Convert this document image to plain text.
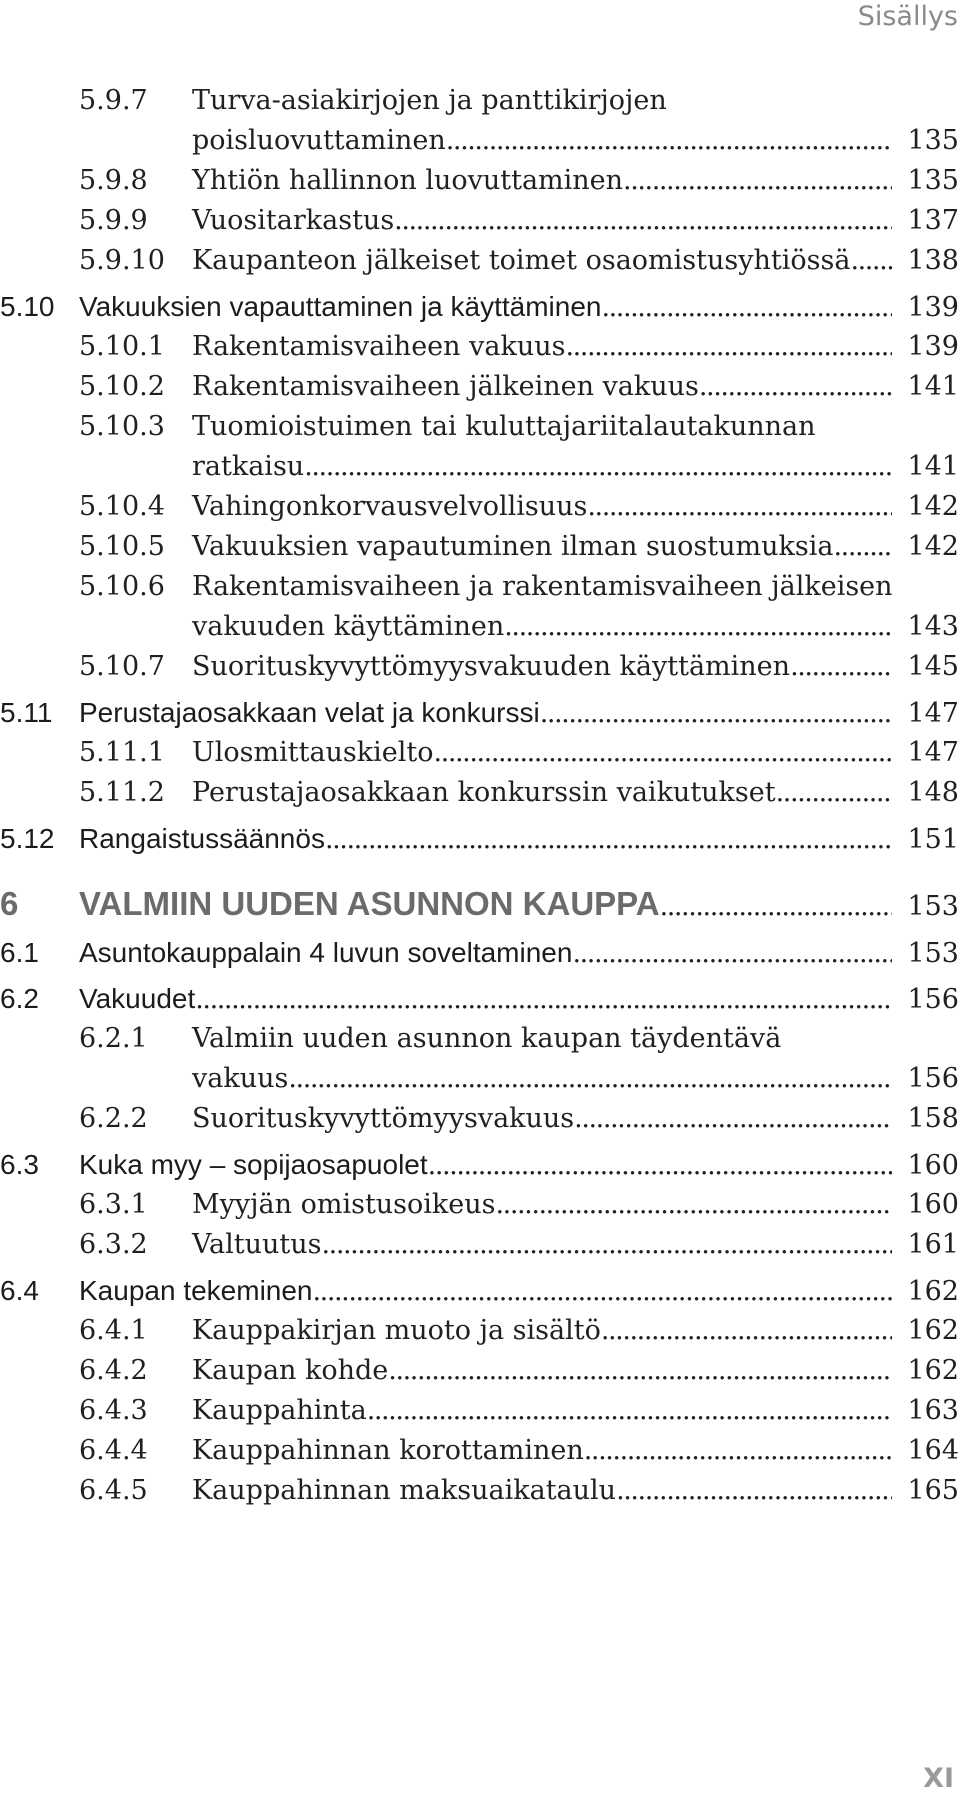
Sisällys
5.9.7	Turva-asiakirjojen ja panttikirjojen
poisluovuttaminen . . .	135
5.9.8	Yhtiön hallinnon luovuttaminen . . .	135
5.9.9	Vuositarkastus . . .	137
5.9.10	Kaupanteon jälkeiset toimet osaomistusyhtiössä . . . 138
5.10 Vakuuksien vapauttaminen ja käyttäminen . . .	139
5.10.1	Rakentamisvaiheen vakuus . . .	139
5.10.2	Rakentamisvaiheen jälkeinen vakuus . . .	141
5.10.3	Tuomioistuimen tai kuluttajariitalautakunnan
ratkaisu . . .	141
5.10.4	Vahingonkorvausvelvollisuus . . .	142
5.10.5	Vakuuksien vapautuminen ilman suostumuksia . . .	142
5.10.6	Rakentamisvaiheen ja rakentamisvaiheen jälkeisen
vakuuden käyttäminen . . .	143
5.10.7	Suorituskyvyttömyysvakuuden käyttäminen . . .	145
5.11 Perustajaosakkaan velat ja konkurssi . . .	147
5.11.1	Ulosmittauskielto . . .	147
5.11.2	Perustajaosakkaan konkurssin vaikutukset . . .	148
5.12 Rangaistussäännös . . .	151
6	VALMIIN UUDEN ASUNNON KAUPPA . . .	153
6.1	Asuntokauppalain 4 luvun soveltaminen . . .	153
6.2	Vakuudet . . .	156
6.2.1	Valmiin uuden asunnon kaupan täydentävä
vakuus . . .	156
6.2.2	Suorituskyvyttömyysvakuus . . .	158
6.3	Kuka myy – sopijaosapuolet . . .	160
6.3.1	Myyjän omistusoikeus . . .	160
6.3.2	Valtuutus . . .	161
6.4	Kaupan tekeminen . . .	162
6.4.1	Kauppakirjan muoto ja sisältö . . .	162
6.4.2	Kaupan kohde . . .	162
6.4.3	Kauppahinta . . .	163
6.4.4	Kauppahinnan korottaminen . . .	164
6.4.5	Kauppahinnan maksuaikataulu . . .	165
XI
